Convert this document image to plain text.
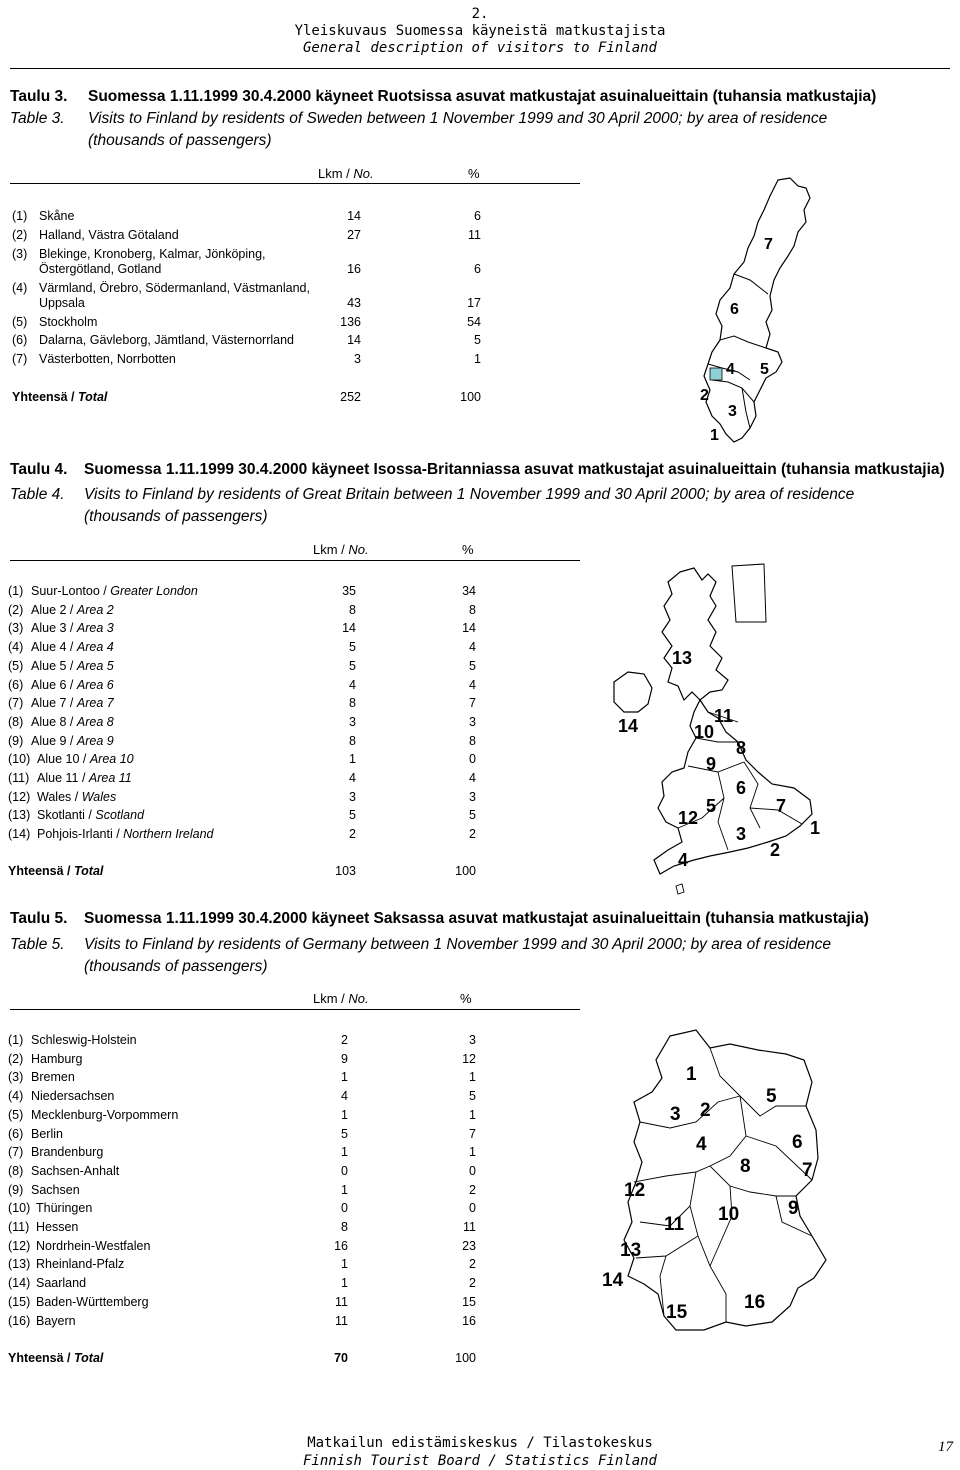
2.
Yleiskuvaus Suomessa käyneistä matkustajista
General description of visitors to Finland
Taulu 3. Suomessa 1.11.1999 30.4.2000 käyneet Ruotsissa asuvat matkustajat asuinalueittain (tuhansia matkustajia)
Table 3. Visits to Finland by residents of Sweden between 1 November 1999 and 30 April 2000; by area of residence
(thousands of passengers)
Lkm / No.	%
(1) Skåne	14	6
(2) Halland, Västra Götaland	27	11
(3) Blekinge, Kronoberg, Kalmar, Jönköping,
Östergötland, Gotland	16	6
(4) Värmland, Örebro, Södermanland, Västmanland,
Uppsala	43	17
(5) Stockholm	136	54
(6) Dalarna, Gävleborg, Jämtland, Västernorrland	14	5
(7) Västerbotten, Norrbotten	3	1
Yhteensä / Total	252	100
1
2
3
4 5
6
7
Taulu 4. Suomessa 1.11.1999 30.4.2000 käyneet Isossa-Britanniassa asuvat matkustajat asuinalueittain (tuhansia matkustajia)
Table 4. Visits to Finland by residents of Great Britain between 1 November 1999 and 30 April 2000; by area of residence
(thousands of passengers)
Lkm / No.	%
(1) Suur-Lontoo / Greater London	35	34
(2) Alue 2 / Area 2	8	8
(3) Alue 3 / Area 3	14	14
(4) Alue 4 / Area 4	5	4
(5) Alue 5 / Area 5	5	5
(6) Alue 6 / Area 6	4	4
(7) Alue 7 / Area 7	8	7
(8) Alue 8 / Area 8	3	3
(9) Alue 9 / Area 9	8	8
(10) Alue 10 / Area 10	1	0
(11) Alue 11 / Area 11	4	4
(12) Wales / Wales	3	3
(13) Skotlanti / Scotland	5	5
(14) Pohjois-Irlanti / Northern Ireland	2	2
Yhteensä / Total	103	100
1
2
3
4
5
6
7
8
9
10
11
12
13
14
Taulu 5. Suomessa 1.11.1999 30.4.2000 käyneet Saksassa asuvat matkustajat asuinalueittain (tuhansia matkustajia)
Table 5. Visits to Finland by residents of Germany between 1 November 1999 and 30 April 2000; by area of residence
(thousands of passengers)
Lkm / No.	%
(1) Schleswig-Holstein	2	3
(2) Hamburg	9	12
(3) Bremen	1	1
(4) Niedersachsen	4	5
(5) Mecklenburg-Vorpommern	1	1
(6) Berlin	5	7
(7) Brandenburg	1	1
(8) Sachsen-Anhalt	0	0
(9) Sachsen	1	2
(10) Thüringen	0	0
(11) Hessen	8	11
(12) Nordrhein-Westfalen	16	23
(13) Rheinland-Pfalz	1	2
(14) Saarland	1	2
(15) Baden-Württemberg	11	15
(16) Bayern	11	16
Yhteensä / Total	70	100
1
2
3
4
5
6
7
8
9
10
11
12
13
14
15	16
Matkailun edistämiskeskus / Tilastokeskus
Finnish Tourist Board / Statistics Finland
17
